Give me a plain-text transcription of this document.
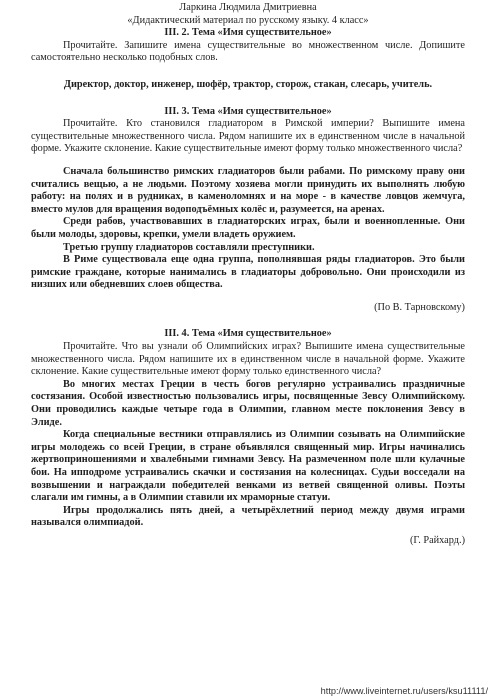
Ларкина Людмила Дмитриевна
«Дидактический материал по русскому языку. 4 класс»
III. 2. Тема «Имя существительное»
Прочитайте. Запишите имена существительные во множественном числе. Допишите самостоятельно несколько подобных слов.
Директор, доктор, инженер, шофёр, трактор, сторож, стакан, слесарь, учитель.
III. 3. Тема «Имя существительное»
Прочитайте. Кто становился гладиатором в Римской империи? Выпишите имена существительные множественного числа. Рядом напишите их в единственном числе в начальной форме. Укажите склонение. Какие существительные имеют форму только множественного числа?
Сначала большинство римских гладиаторов были рабами. По римскому праву они считались вещью, а не людьми. Поэтому хозяева могли принудить их выполнять любую работу: на полях и в рудниках, в каменоломнях и на море - в качестве ловцов жемчуга, вместо мулов для вращения водоподъёмных колёс и, разумеется, на аренах.
Среди рабов, участвовавших в гладиаторских играх, были и военнопленные. Они были молоды, здоровы, крепки, умели владеть оружием.
Третью группу гладиаторов составляли преступники.
В Риме существовала еще одна группа, пополнявшая ряды гладиаторов. Это были римские граждане, которые нанимались в гладиаторы добровольно. Они происходили из низших или обедневших слоев общества.
(По В. Тарновскому)
III. 4. Тема «Имя существительное»
Прочитайте. Что вы узнали об Олимпийских играх? Выпишите имена существительные множественного числа. Рядом напишите их в единственном числе в начальной форме. Укажите склонение. Какие существительные имеют форму только единственного числа?
Во многих местах Греции в честь богов регулярно устраивались праздничные состязания. Особой известностью пользовались игры, посвященные Зевсу Олимпийскому. Они проводились каждые четыре года в Олимпии, главном месте поклонения Зевсу в Элиде.
Когда специальные вестники отправлялись из Олимпии созывать на Олимпийские игры молодежь со всей Греции, в стране объявлялся священный мир. Игры начинались жертвоприношениями и хвалебными гимнами Зевсу. На размеченном поле шли кулачные бои. На ипподроме устраивались скачки и состязания на колесницах. Судьи восседали на возвышении и награждали победителей венками из ветвей священной оливы. Поэты слагали им гимны, а в Олимпии ставили их мраморные статуи.
Игры продолжались пять дней, а четырёхлетний период между двумя играми назывался олимпиадой.
(Г. Райхард.)
http://www.liveinternet.ru/users/ksu11111/
